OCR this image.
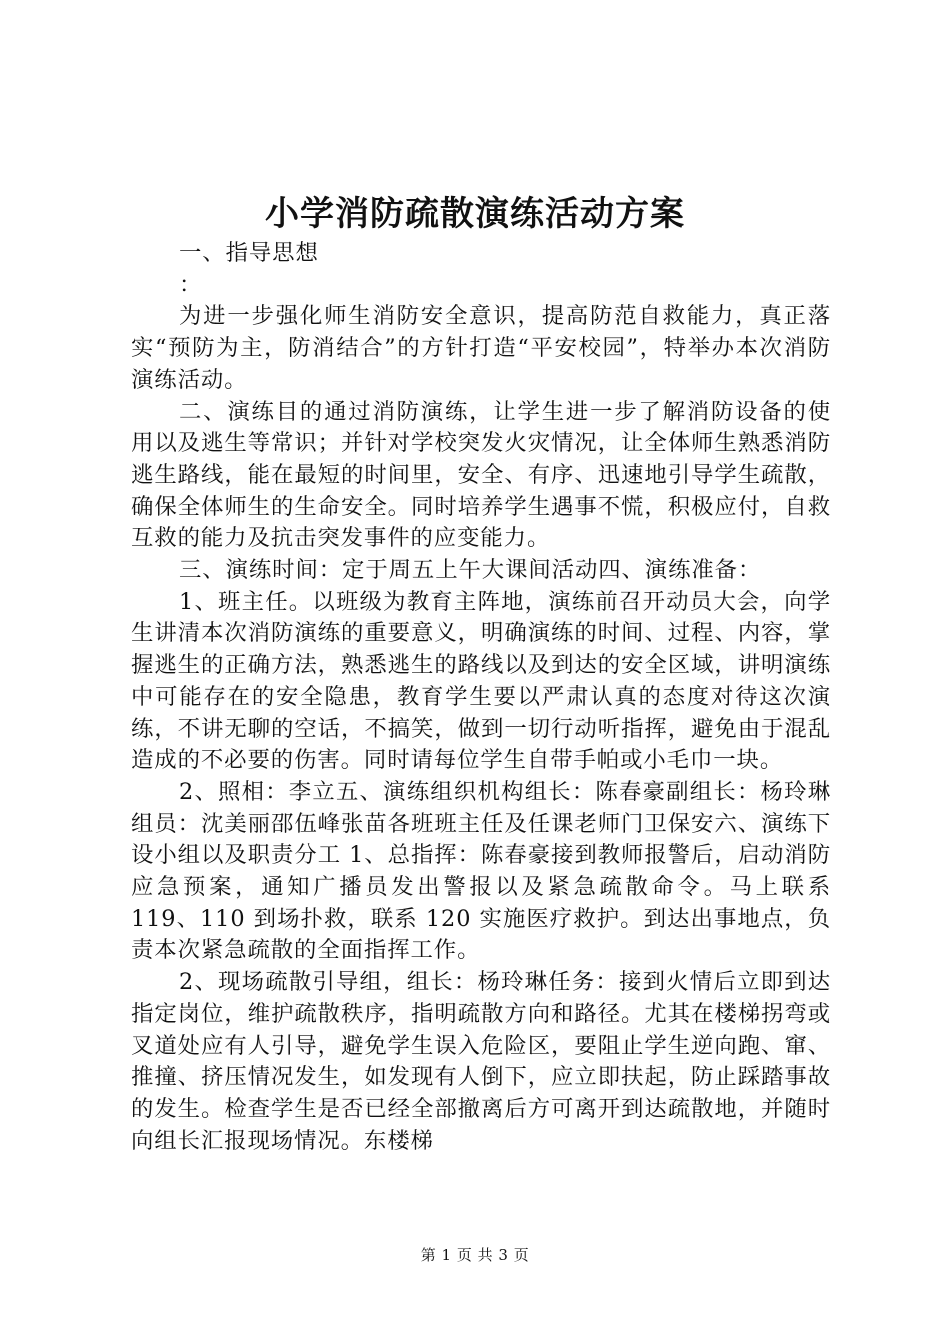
小学消防疏散演练活动方案

一、指导思想

：

为进一步强化师生消防安全意识，提高防范自救能力，真正落实“预防为主，防消结合”的方针打造“平安校园”，特举办本次消防演练活动。

二、演练目的通过消防演练，让学生进一步了解消防设备的使用以及逃生等常识；并针对学校突发火灾情况，让全体师生熟悉消防逃生路线，能在最短的时间里，安全、有序、迅速地引导学生疏散，确保全体师生的生命安全。同时培养学生遇事不慌，积极应付，自救互救的能力及抗击突发事件的应变能力。

三、演练时间：定于周五上午大课间活动四、演练准备：

1、班主任。以班级为教育主阵地，演练前召开动员大会，向学生讲清本次消防演练的重要意义，明确演练的时间、过程、内容，掌握逃生的正确方法，熟悉逃生的路线以及到达的安全区域，讲明演练中可能存在的安全隐患，教育学生要以严肃认真的态度对待这次演练，不讲无聊的空话，不搞笑，做到一切行动听指挥，避免由于混乱造成的不必要的伤害。同时请每位学生自带手帕或小毛巾一块。

2、照相：李立五、演练组织机构组长：陈春豪副组长：杨玲琳组员：沈美丽邵伍峰张苗各班班主任及任课老师门卫保安六、演练下设小组以及职责分工 1、总指挥：陈春豪接到教师报警后，启动消防应急预案，通知广播员发出警报以及紧急疏散命令。马上联系 119、110 到场扑救，联系 120 实施医疗救护。到达出事地点，负责本次紧急疏散的全面指挥工作。

2、现场疏散引导组，组长：杨玲琳任务：接到火情后立即到达指定岗位，维护疏散秩序，指明疏散方向和路径。尤其在楼梯拐弯或叉道处应有人引导，避免学生误入危险区，要阻止学生逆向跑、窜、推撞、挤压情况发生，如发现有人倒下，应立即扶起，防止踩踏事故的发生。检查学生是否已经全部撤离后方可离开到达疏散地，并随时向组长汇报现场情况。东楼梯

第 1 页 共 3 页
